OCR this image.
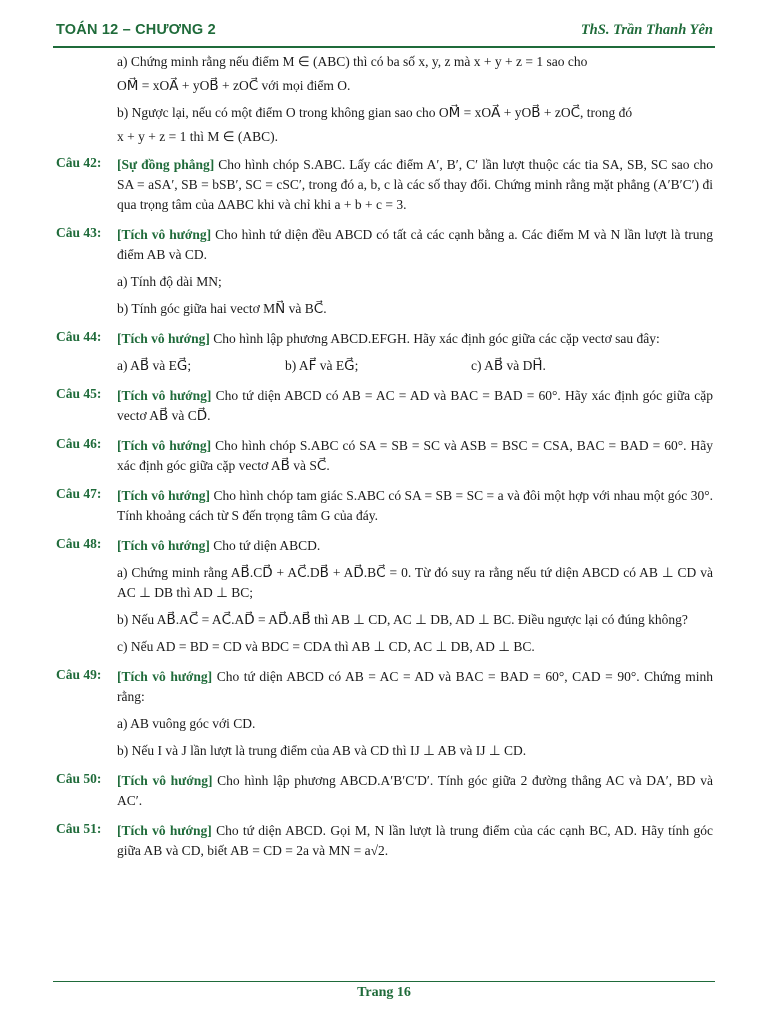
TOÁN 12 – CHƯƠNG 2	ThS. Trần Thanh Yên

a) Chứng minh rằng nếu điểm M ∈ (ABC) thì có ba số x, y, z mà x + y + z = 1 sao cho

OM⃗ = xOA⃗ + yOB⃗ + zOC⃗ với mọi điểm O.

b) Ngược lại, nếu có một điểm O trong không gian sao cho OM⃗ = xOA⃗ + yOB⃗ + zOC⃗, trong đó

x + y + z = 1 thì M ∈ (ABC).

Câu 42: [Sự đồng phẳng] Cho hình chóp S.ABC. Lấy các điểm A′, B′, C′ lần lượt thuộc các tia SA, SB, SC sao cho SA = aSA′, SB = bSB′, SC = cSC′, trong đó a, b, c là các số thay đổi. Chứng minh rằng mặt phẳng (A′B′C′) đi qua trọng tâm của ΔABC khi và chỉ khi a + b + c = 3.

Câu 43: [Tích vô hướng] Cho hình tứ diện đều ABCD có tất cả các cạnh bằng a. Các điểm M và N lần lượt là trung điểm AB và CD.

a) Tính độ dài MN;

b) Tính góc giữa hai vectơ MN⃗ và BC⃗.

Câu 44: [Tích vô hướng] Cho hình lập phương ABCD.EFGH. Hãy xác định góc giữa các cặp vectơ sau đây:

a) AB⃗ và EG⃗;	b) AF⃗ và EG⃗;	c) AB⃗ và DH⃗.
Câu 45: [Tích vô hướng] Cho tứ diện ABCD có AB = AC = AD và BAC = BAD = 60°. Hãy xác định góc giữa cặp vectơ AB⃗ và CD⃗.

Câu 46: [Tích vô hướng] Cho hình chóp S.ABC có SA = SB = SC và ASB = BSC = CSA, BAC = BAD = 60°. Hãy xác định góc giữa cặp vectơ AB⃗ và SC⃗.

Câu 47: [Tích vô hướng] Cho hình chóp tam giác S.ABC có SA = SB = SC = a và đôi một hợp với nhau một góc 30°. Tính khoảng cách từ S đến trọng tâm G của đáy.

Câu 48: [Tích vô hướng] Cho tứ diện ABCD.

a) Chứng minh rằng AB⃗.CD⃗ + AC⃗.DB⃗ + AD⃗.BC⃗ = 0. Từ đó suy ra rằng nếu tứ diện ABCD có AB ⊥ CD và AC ⊥ DB thì AD ⊥ BC;

b) Nếu AB⃗.AC⃗ = AC⃗.AD⃗ = AD⃗.AB⃗ thì AB ⊥ CD, AC ⊥ DB, AD ⊥ BC. Điều ngược lại có đúng không?

c) Nếu AD = BD = CD và BDC = CDA thì AB ⊥ CD, AC ⊥ DB, AD ⊥ BC.

Câu 49: [Tích vô hướng] Cho tứ diện ABCD có AB = AC = AD và BAC = BAD = 60°, CAD = 90°. Chứng minh rằng:

a) AB vuông góc với CD.

b) Nếu I và J lần lượt là trung điểm của AB và CD thì IJ ⊥ AB và IJ ⊥ CD.

Câu 50: [Tích vô hướng] Cho hình lập phương ABCD.A′B′C′D′. Tính góc giữa 2 đường thẳng AC và DA′, BD và AC′.

Câu 51: [Tích vô hướng] Cho tứ diện ABCD. Gọi M, N lần lượt là trung điểm của các cạnh BC, AD. Hãy tính góc giữa AB và CD, biết AB = CD = 2a và MN = a√2.

Trang 16
